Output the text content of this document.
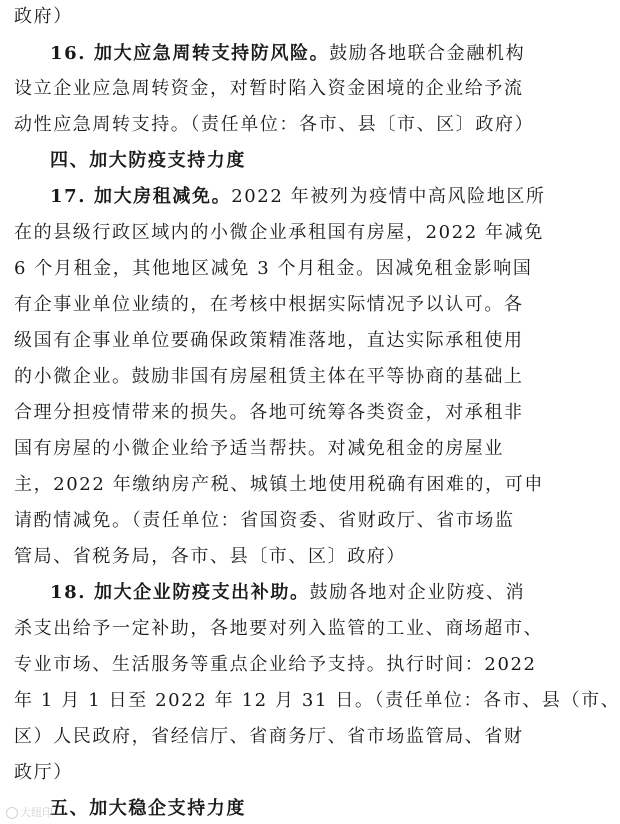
政府）
16. 加大应急周转支持防风险。鼓励各地联合金融机构
设立企业应急周转资金，对暂时陷入资金困境的企业给予流
动性应急周转支持。（责任单位：各市、县〔市、区〕政府）
四、加大防疫支持力度
17. 加大房租减免。2022 年被列为疫情中高风险地区所
在的县级行政区域内的小微企业承租国有房屋，2022 年减免
6 个月租金，其他地区减免 3 个月租金。因减免租金影响国
有企事业单位业绩的，在考核中根据实际情况予以认可。各
级国有企事业单位要确保政策精准落地，直达实际承租使用
的小微企业。鼓励非国有房屋租赁主体在平等协商的基础上
合理分担疫情带来的损失。各地可统筹各类资金，对承租非
国有房屋的小微企业给予适当帮扶。对减免租金的房屋业
主，2022 年缴纳房产税、城镇土地使用税确有困难的，可申
请酌情减免。（责任单位：省国资委、省财政厅、省市场监
管局、省税务局，各市、县〔市、区〕政府）
18. 加大企业防疫支出补助。鼓励各地对企业防疫、消
杀支出给予一定补助，各地要对列入监管的工业、商场超市、
专业市场、生活服务等重点企业给予支持。执行时间：2022
年 1 月 1 日至 2022 年 12 月 31 日。（责任单位：各市、县（市、
区）人民政府，省经信厅、省商务厅、省市场监管局、省财
政厅）
五、加大稳企支持力度
大纽印
